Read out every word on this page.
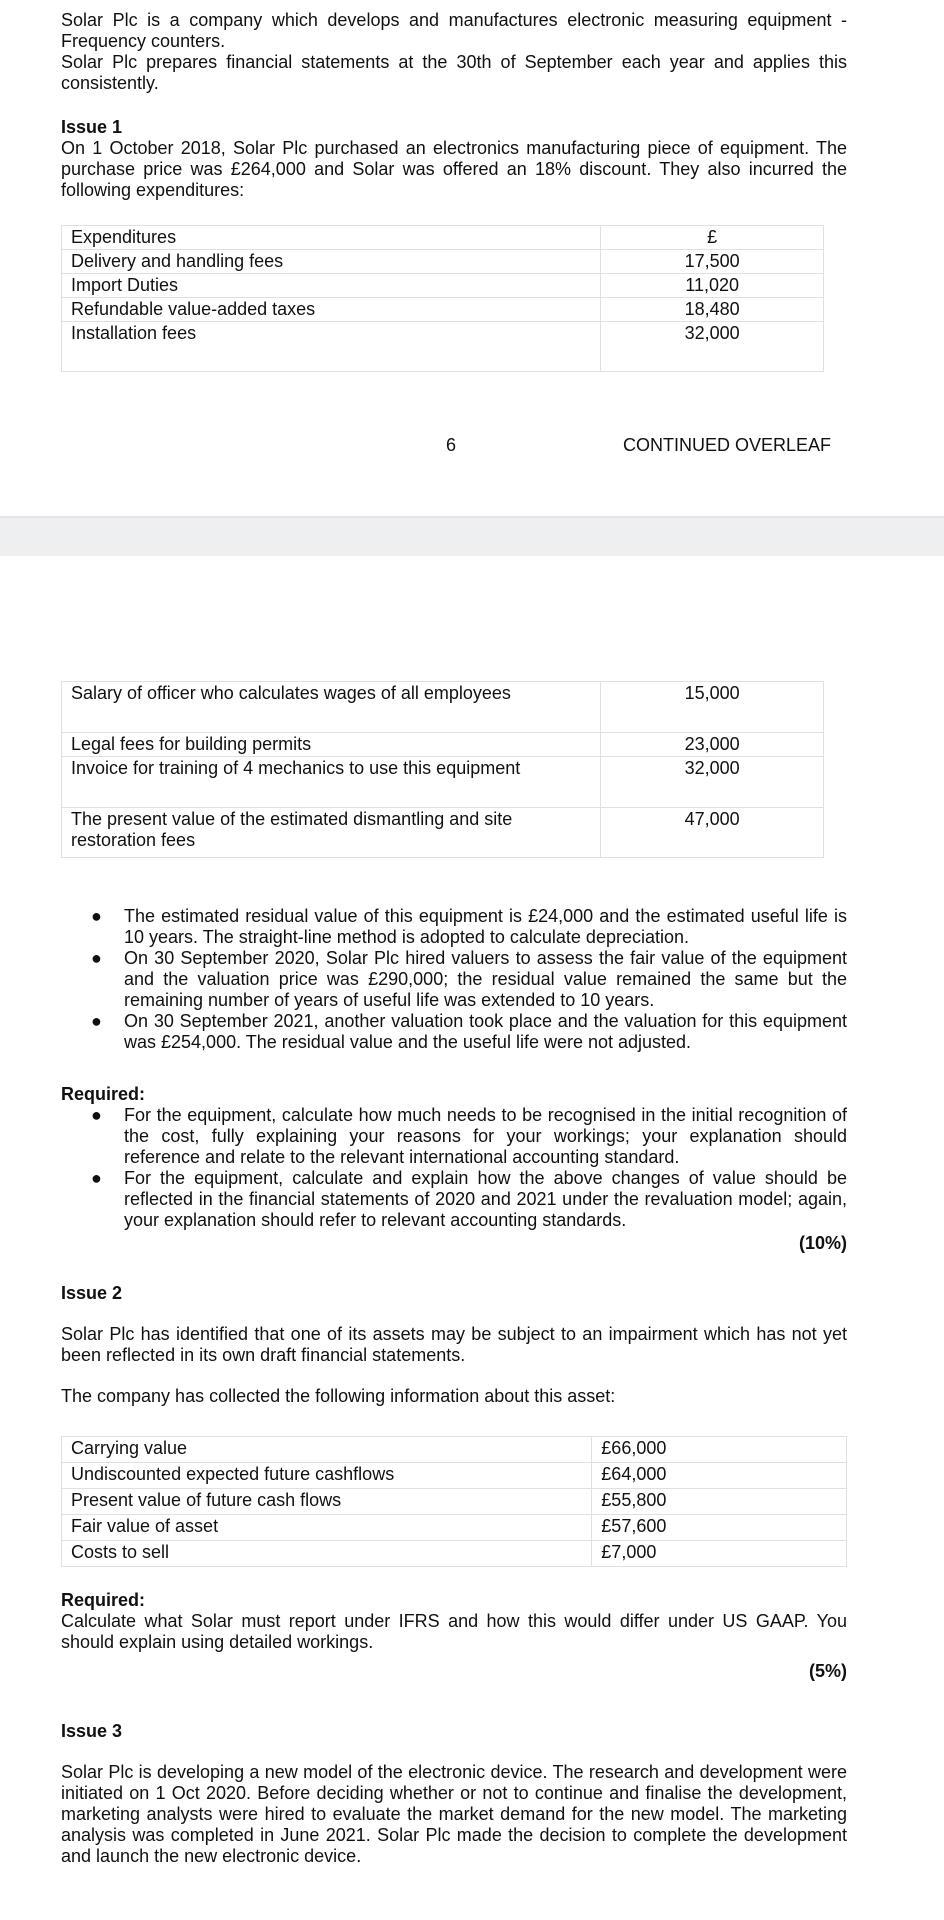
Solar Plc is a company which develops and manufactures electronic measuring equipment - Frequency counters.
Solar Plc prepares financial statements at the 30th of September each year and applies this consistently.
Issue 1
On 1 October 2018, Solar Plc purchased an electronics manufacturing piece of equipment. The purchase price was £264,000 and Solar was offered an 18% discount. They also incurred the following expenditures:
Expenditures	£
Delivery and handling fees	17,500
Import Duties	11,020
Refundable value-added taxes	18,480
Installation fees	32,000
6	CONTINUED OVERLEAF
Salary of officer who calculates wages of all employees	15,000
Legal fees for building permits	23,000
Invoice for training of 4 mechanics to use this equipment	32,000
The present value of the estimated dismantling and site restoration fees	47,000
● The estimated residual value of this equipment is £24,000 and the estimated useful life is 10 years. The straight-line method is adopted to calculate depreciation.
● On 30 September 2020, Solar Plc hired valuers to assess the fair value of the equipment and the valuation price was £290,000; the residual value remained the same but the remaining number of years of useful life was extended to 10 years.
● On 30 September 2021, another valuation took place and the valuation for this equipment was £254,000. The residual value and the useful life were not adjusted.
Required:
● For the equipment, calculate how much needs to be recognised in the initial recognition of the cost, fully explaining your reasons for your workings; your explanation should reference and relate to the relevant international accounting standard.
● For the equipment, calculate and explain how the above changes of value should be reflected in the financial statements of 2020 and 2021 under the revaluation model; again, your explanation should refer to relevant accounting standards.
(10%)
Issue 2
Solar Plc has identified that one of its assets may be subject to an impairment which has not yet been reflected in its own draft financial statements.
The company has collected the following information about this asset:
Carrying value	£66,000
Undiscounted expected future cashflows	£64,000
Present value of future cash flows	£55,800
Fair value of asset	£57,600
Costs to sell	£7,000
Required:
Calculate what Solar must report under IFRS and how this would differ under US GAAP. You should explain using detailed workings.
(5%)
Issue 3
Solar Plc is developing a new model of the electronic device. The research and development were initiated on 1 Oct 2020. Before deciding whether or not to continue and finalise the development, marketing analysts were hired to evaluate the market demand for the new model. The marketing analysis was completed in June 2021. Solar Plc made the decision to complete the development and launch the new electronic device.
